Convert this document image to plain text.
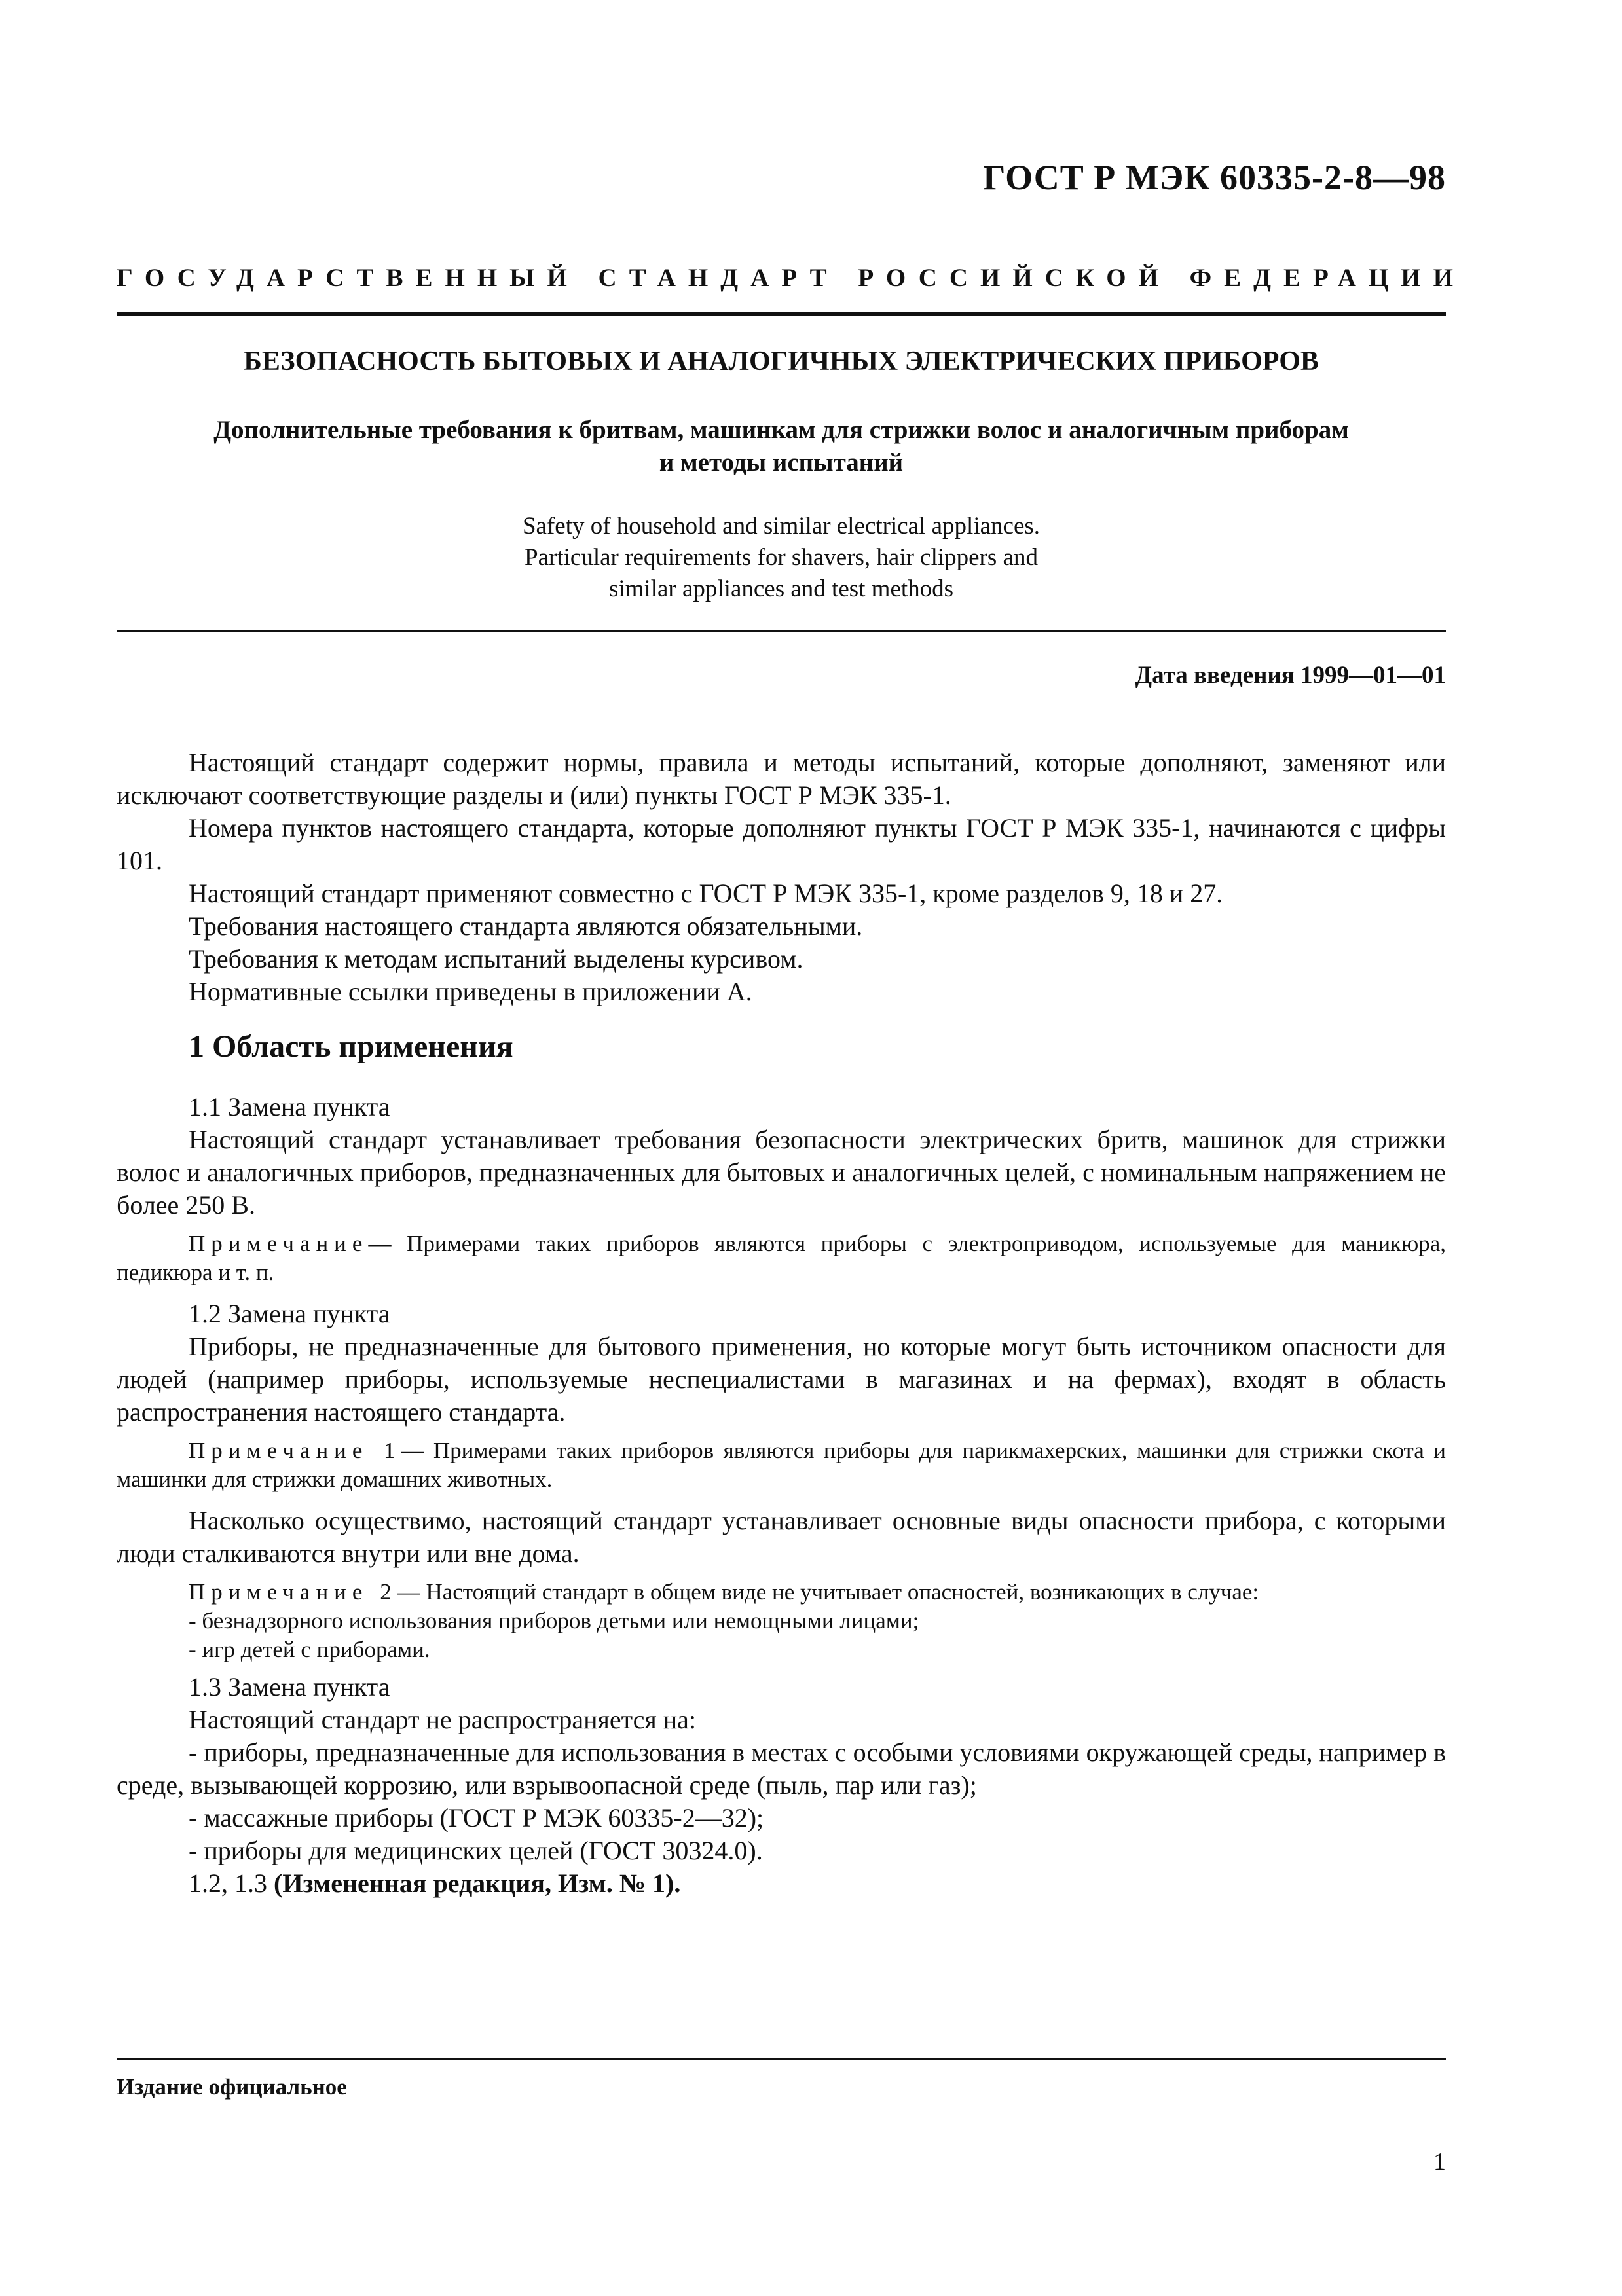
ГОСТ Р МЭК 60335-2-8—98
ГОСУДАРСТВЕННЫЙ СТАНДАРТ РОССИЙСКОЙ ФЕДЕРАЦИИ
БЕЗОПАСНОСТЬ БЫТОВЫХ И АНАЛОГИЧНЫХ ЭЛЕКТРИЧЕСКИХ ПРИБОРОВ
Дополнительные требования к бритвам, машинкам для стрижки волос и аналогичным приборам
и методы испытаний
Safety of household and similar electrical appliances.
Particular requirements for shavers, hair clippers and
similar appliances and test methods
Дата введения 1999—01—01

Настоящий стандарт содержит нормы, правила и методы испытаний, которые дополняют, заменяют или исключают соответствующие разделы и (или) пункты ГОСТ Р МЭК 335-1.

Номера пунктов настоящего стандарта, которые дополняют пункты ГОСТ Р МЭК 335-1, начинаются с цифры 101.

Настоящий стандарт применяют совместно с ГОСТ Р МЭК 335-1, кроме разделов 9, 18 и 27.

Требования настоящего стандарта являются обязательными.

Требования к методам испытаний выделены курсивом.

Нормативные ссылки приведены в приложении А.

1 Область применения

1.1 Замена пункта

Настоящий стандарт устанавливает требования безопасности электрических бритв, машинок для стрижки волос и аналогичных приборов, предназначенных для бытовых и аналогичных целей, с номинальным напряжением не более 250 В.

Примечание— Примерами таких приборов являются приборы с электроприводом, используемые для маникюра, педикюра и т. п.

1.2 Замена пункта

Приборы, не предназначенные для бытового применения, но которые могут быть источником опасности для людей (например приборы, используемые неспециалистами в магазинах и на фермах), входят в область распространения настоящего стандарта.

Примечание 1— Примерами таких приборов являются приборы для парикмахерских, машинки для стрижки скота и машинки для стрижки домашних животных.

Насколько осуществимо, настоящий стандарт устанавливает основные виды опасности прибора, с которыми люди сталкиваются внутри или вне дома.

Примечание 2— Настоящий стандарт в общем виде не учитывает опасностей, возникающих в случае:

- безнадзорного использования приборов детьми или немощными лицами;

- игр детей с приборами.

1.3 Замена пункта

Настоящий стандарт не распространяется на:

- приборы, предназначенные для использования в местах с особыми условиями окружающей среды, например в среде, вызывающей коррозию, или взрывоопасной среде (пыль, пар или газ);

- массажные приборы (ГОСТ Р МЭК 60335-2—32);

- приборы для медицинских целей (ГОСТ 30324.0).

1.2, 1.3 (Измененная редакция, Изм. № 1).

Издание официальное
1
